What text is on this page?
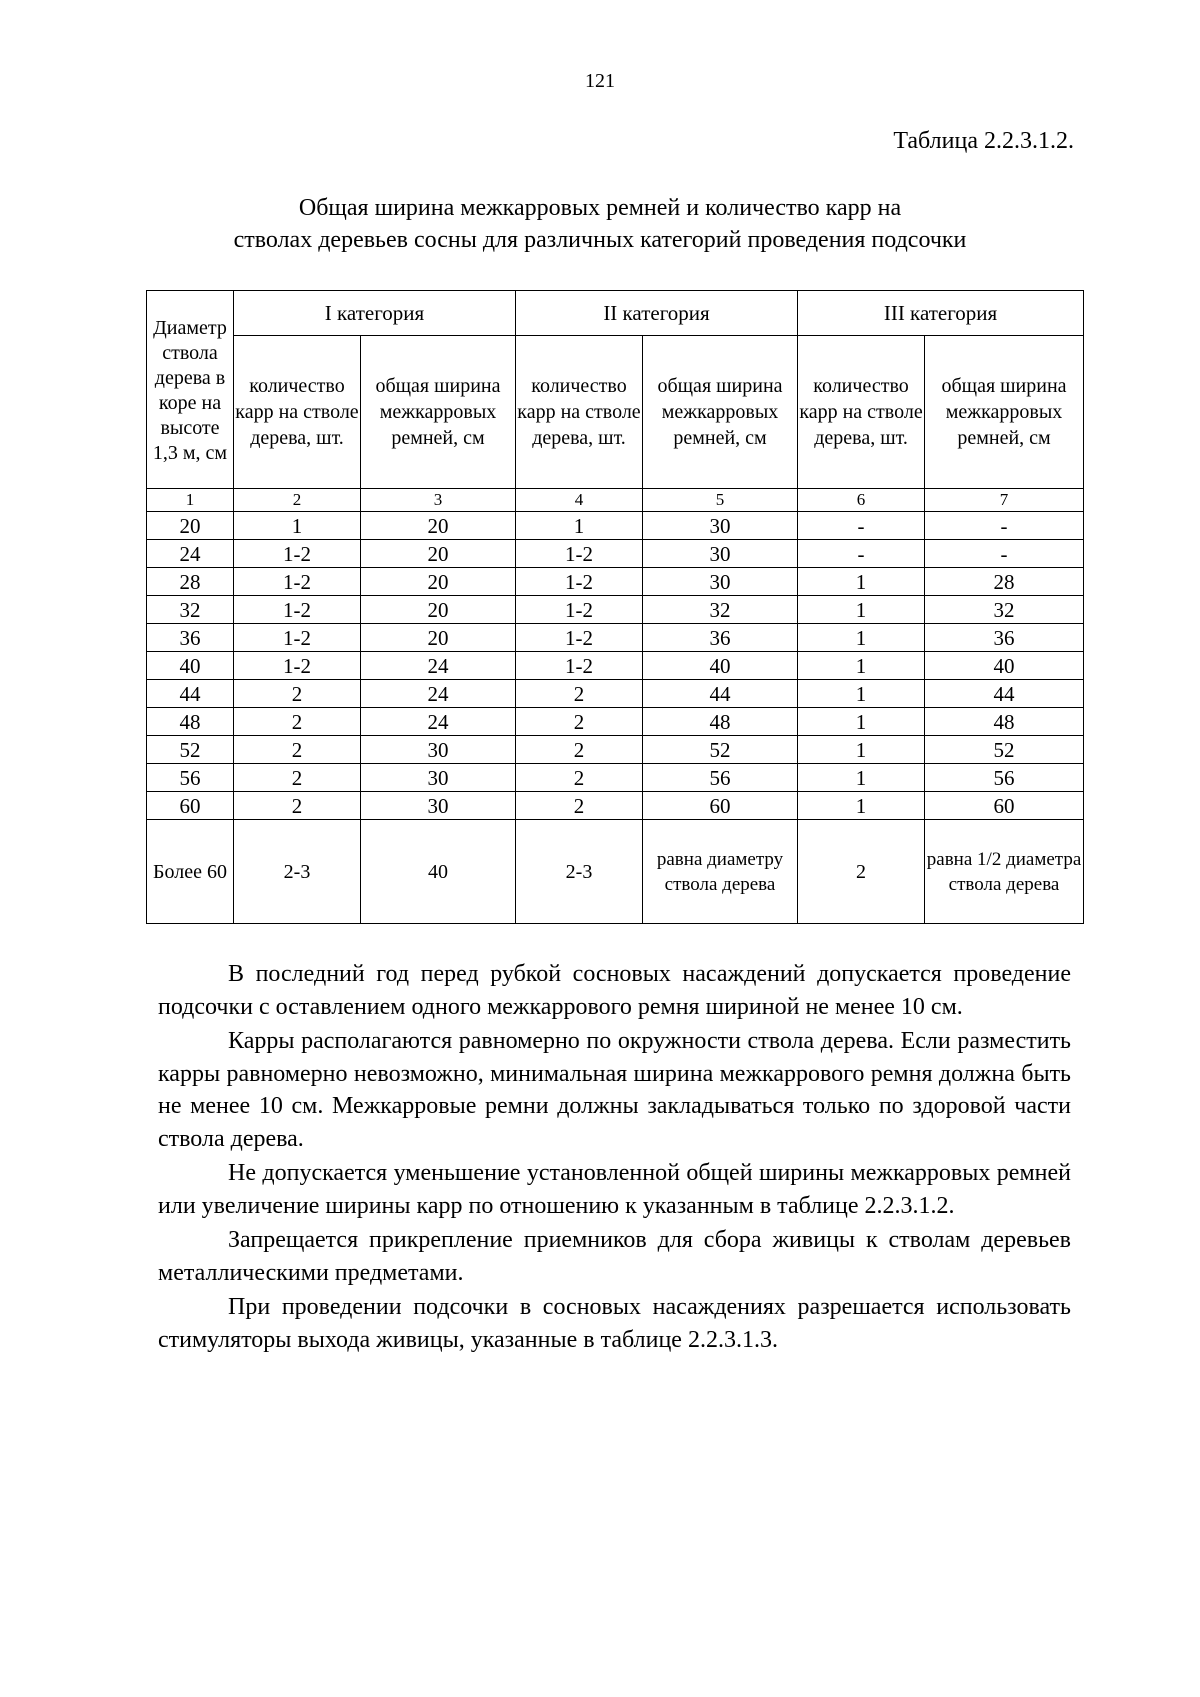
121
Таблица 2.2.3.1.2.
Общая ширина межкарровых ремней и количество карр на
стволах деревьев сосны для различных категорий проведения подсочки
Диаметр ствола дерева в коре на высоте 1,3 м, см	I категория		II категория		III категория	
	количество карр на стволе дерева, шт.	общая ширина межкарровых ремней, см	количество карр на стволе дерева, шт.	общая ширина межкарровых ремней, см	количество карр на стволе дерева, шт.	общая ширина межкарровых ремней, см
1	2	3	4	5	6	7
20	1	20	1	30	-	-
24	1-2	20	1-2	30	-	-
28	1-2	20	1-2	30	1	28
32	1-2	20	1-2	32	1	32
36	1-2	20	1-2	36	1	36
40	1-2	24	1-2	40	1	40
44	2	24	2	44	1	44
48	2	24	2	48	1	48
52	2	30	2	52	1	52
56	2	30	2	56	1	56
60	2	30	2	60	1	60
Более 60	2-3	40	2-3	равна диаметру ствола дерева	2	равна 1/2 диаметра ствола дерева

В последний год перед рубкой сосновых насаждений допускается проведение подсочки с оставлением одного межкаррового ремня шириной не менее 10 см.

Карры располагаются равномерно по окружности ствола дерева. Если разместить карры равномерно невозможно, минимальная ширина межкаррового ремня должна быть не менее 10 см. Межкарровые ремни должны закладываться только по здоровой части ствола дерева.

Не допускается уменьшение установленной общей ширины межкарровых ремней или увеличение ширины карр по отношению к указанным в таблице 2.2.3.1.2.

Запрещается прикрепление приемников для сбора живицы к стволам деревьев металлическими предметами.

При проведении подсочки в сосновых насаждениях разрешается использовать стимуляторы выхода живицы, указанные в таблице 2.2.3.1.3.
